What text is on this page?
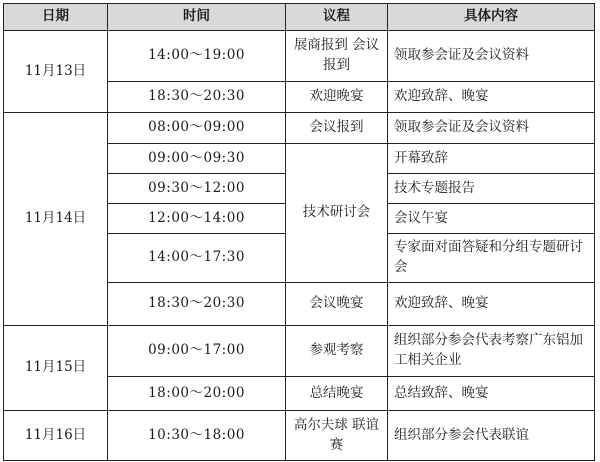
日期	时间	议程	具体内容
11月13日	14:00～19:00	展商报到 会议报到	领取参会证及会议资料
	18:30～20:30	欢迎晚宴	欢迎致辞、晚宴
11月14日	08:00～09:00	会议报到	领取参会证及会议资料
	09:00～09:30	技术研讨会	开幕致辞
	09:30～12:00		技术专题报告
	12:00～14:00		会议午宴
	14:00～17:30		专家面对面答疑和分组专题研讨会
	18:30～20:30	会议晚宴	欢迎致辞、晚宴
11月15日	09:00～17:00	参观考察	组织部分参会代表考察广东铝加工相关企业
	18:00～20:00	总结晚宴	总结致辞、晚宴
11月16日	10:30～18:00	高尔夫球 联谊赛	组织部分参会代表联谊
